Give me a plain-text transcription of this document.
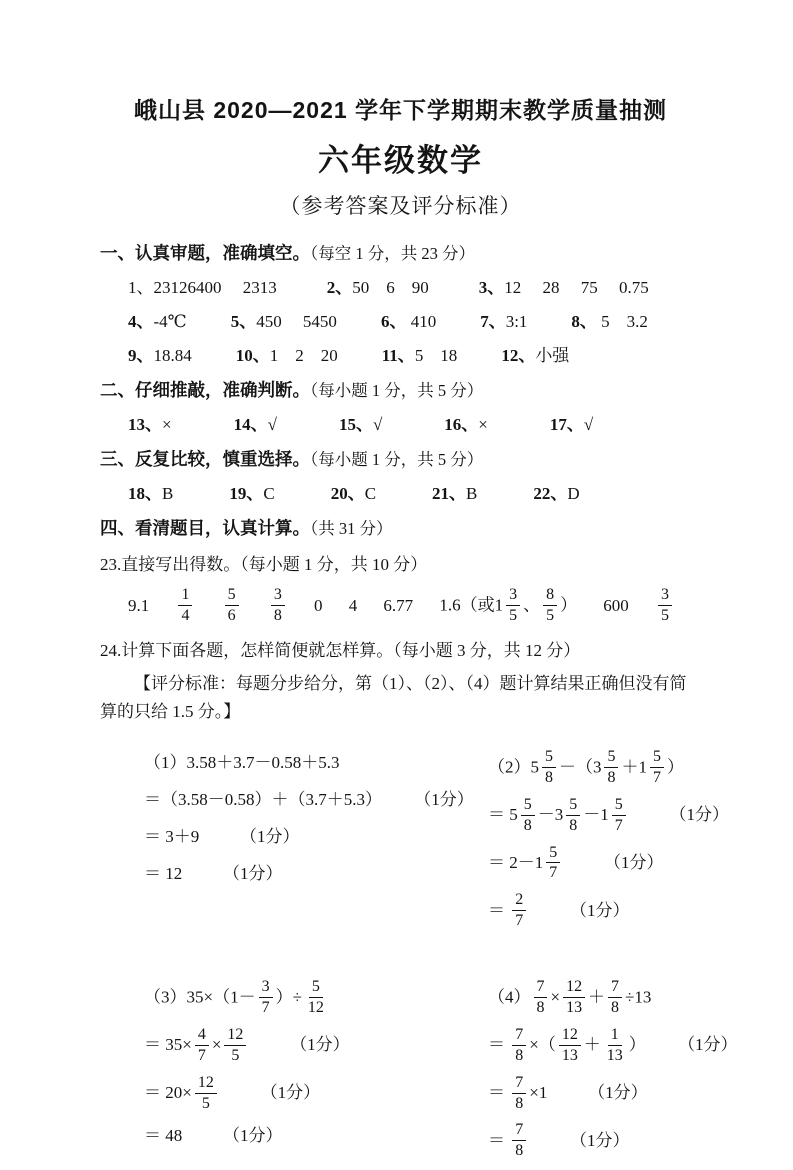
峨山县 2020—2021 学年下学期期末教学质量抽测
六年级数学
（参考答案及评分标准）
一、认真审题，准确填空。（每空 1 分，共 23 分）
1、23126400　 2313	2、50　6　90	3、12　 28　 75　 0.75
4、-4℃	5、450　 5450	6、 410	7、3:1	8、 5　3.2
9、18.84	10、1　2　20	11、5　18	12、小强
二、仔细推敲，准确判断。（每小题 1 分，共 5 分）
13、×	14、√	15、√	16、×	17、√
三、反复比较，慎重选择。（每小题 1 分，共 5 分）
18、B	19、C	20、C	21、B	22、D
四、看清题目，认真计算。（共 31 分）
23.直接写出得数。（每小题 1 分，共 10 分）
$9.1 \frac{1}{4} \frac{5}{6} \frac{3}{8} 0$ 4 6.77 1.6（或$1 \frac{3}{5}$ 、 $\frac{8}{5}$ ） $600 \frac{3}{5}$
24.计算下面各题，怎样简便就怎样算。（每小题 3 分，共 12 分）
【评分标准：每题分步给分，第（1）、（2）、（4）题计算结果正确但没有简算的只给 1.5 分。】
（1）3.58＋3.7－0.58＋5.3
＝（3.58－0.58）＋（3.7＋5.3） （1分）
＝ 3＋9 （1分）
＝ 12 （1分）
$(2)5 \frac{5}{8} -(3 \frac{5}{8} +1 \frac{5}{7}$ ）
＝ $5 \frac{5}{8} -3 \frac{5}{8} -1 \frac{5}{7}$	（1分）
＝ $2-1 \frac{5}{7}$	（1分）
＝ $\frac{2}{7}$	（1分）
$(3)35\times(1- \frac{3}{7}$ ）÷ $\frac{5}{12}$
＝ $35\times \frac{4}{7} \times \frac{12}{5}$	（1分）
＝ $20\times \frac{12}{5}$	（1分）
＝ 48 （1分）
$(4) \frac{7}{8} \times \frac{12}{13} + \frac{7}{8} \div 13$
＝ $\frac{7}{8}$ ×（ $\frac{12}{13} + \frac{1}{13}$ ） （1分）
＝ $\frac{7}{8} \times 1$ （1分）
＝ $\frac{7}{8}$	（1分）
